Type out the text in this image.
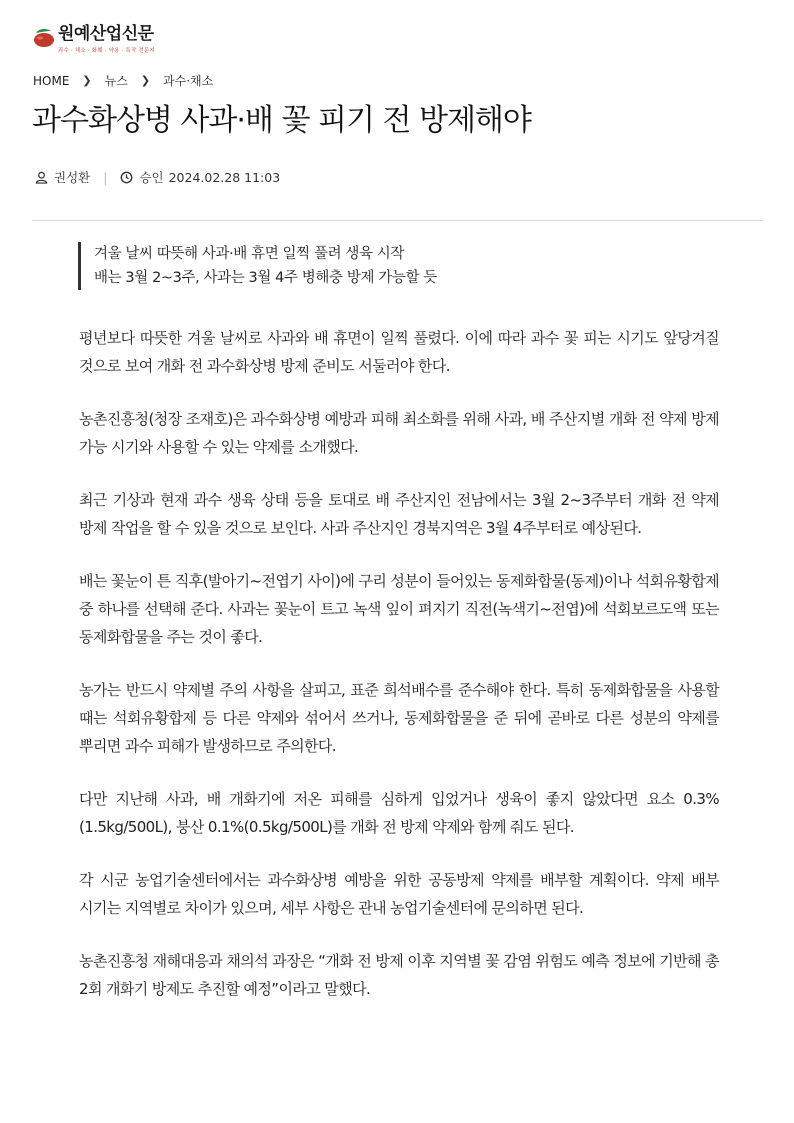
원예산업신문
과수 · 채소 · 화훼 · 약용 · 특작 전문지
HOME ❯ 뉴스 ❯ 과수·채소
과수화상병 사과·배 꽃 피기 전 방제해야
권성환 |	승인 2024.02.28 11:03
겨울 날씨 따뜻해 사과·배 휴면 일찍 풀려 생육 시작
배는 3월 2~3주, 사과는 3월 4주 병해충 방제 가능할 듯

평년보다 따뜻한 겨울 날씨로 사과와 배 휴면이 일찍 풀렸다. 이에 따라 과수 꽃 피는 시기도 앞당겨질 것으로 보여 개화 전 과수화상병 방제 준비도 서둘러야 한다.

농촌진흥청(청장 조재호)은 과수화상병 예방과 피해 최소화를 위해 사과, 배 주산지별 개화 전 약제 방제 가능 시기와 사용할 수 있는 약제를 소개했다.

최근 기상과 현재 과수 생육 상태 등을 토대로 배 주산지인 전남에서는 3월 2~3주부터 개화 전 약제 방제 작업을 할 수 있을 것으로 보인다. 사과 주산지인 경북지역은 3월 4주부터로 예상된다.

배는 꽃눈이 튼 직후(발아기~전엽기 사이)에 구리 성분이 들어있는 동제화합물(동제)이나 석회유황합제 중 하나를 선택해 준다. 사과는 꽃눈이 트고 녹색 잎이 펴지기 직전(녹색기~전엽)에 석회보르도액 또는 동제화합물을 주는 것이 좋다.

농가는 반드시 약제별 주의 사항을 살피고, 표준 희석배수를 준수해야 한다. 특히 동제화합물을 사용할 때는 석회유황합제 등 다른 약제와 섞어서 쓰거나, 동제화합물을 준 뒤에 곧바로 다른 성분의 약제를 뿌리면 과수 피해가 발생하므로 주의한다.

다만 지난해 사과, 배 개화기에 저온 피해를 심하게 입었거나 생육이 좋지 않았다면 요소 0.3%(1.5kg/500L), 붕산 0.1%(0.5kg/500L)를 개화 전 방제 약제와 함께 줘도 된다.

각 시군 농업기술센터에서는 과수화상병 예방을 위한 공동방제 약제를 배부할 계획이다. 약제 배부 시기는 지역별로 차이가 있으며, 세부 사항은 관내 농업기술센터에 문의하면 된다.

농촌진흥청 재해대응과 채의석 과장은 “개화 전 방제 이후 지역별 꽃 감염 위험도 예측 정보에 기반해 총 2회 개화기 방제도 추진할 예정”이라고 말했다.
